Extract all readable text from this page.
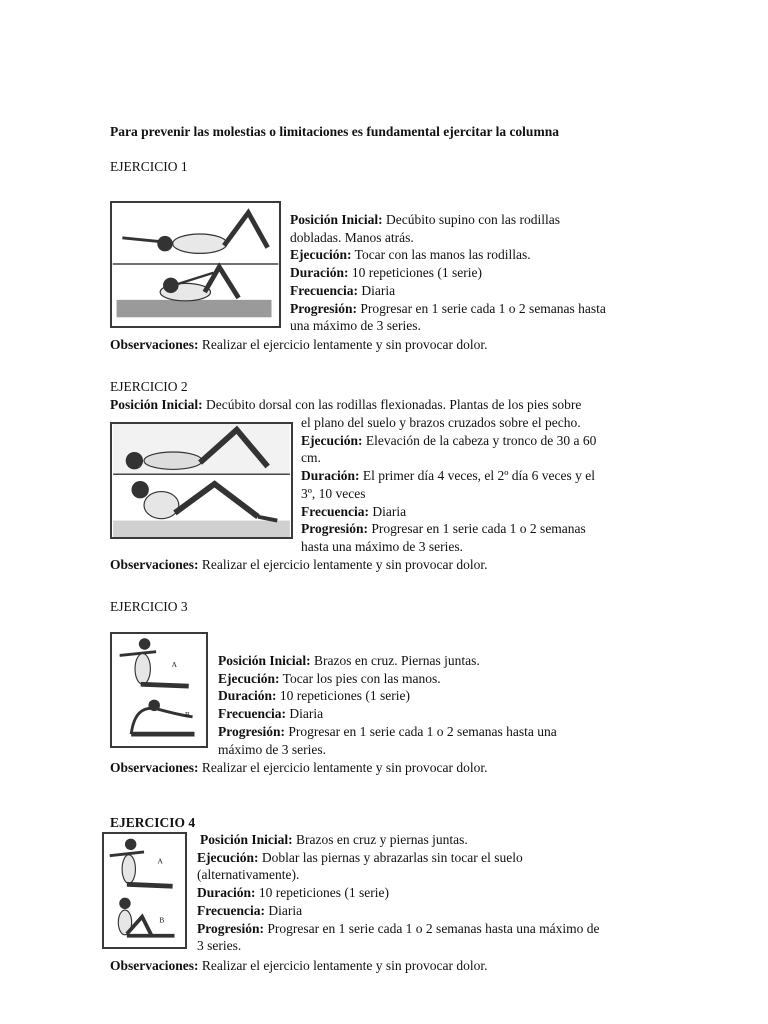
Para prevenir las molestias o limitaciones es fundamental ejercitar la columna
EJERCICIO 1
Posición Inicial: Decúbito supino con las rodillas
dobladas. Manos atrás.
Ejecución: Tocar con las manos las rodillas.
Duración: 10 repeticiones (1 serie)
Frecuencia: Diaria
Progresión: Progresar en 1 serie cada 1 o 2 semanas hasta
una máximo de 3 series.
Observaciones: Realizar el ejercicio lentamente y sin provocar dolor.
EJERCICIO 2
Posición Inicial: Decúbito dorsal con las rodillas flexionadas. Plantas de los pies sobre
el plano del suelo y brazos cruzados sobre el pecho.
Ejecución: Elevación de la cabeza y tronco de 30 a 60
cm.
Duración: El primer día 4 veces, el 2º día 6 veces y el
3º, 10 veces
Frecuencia: Diaria
Progresión: Progresar en 1 serie cada 1 o 2 semanas
hasta una máximo de 3 series.
Observaciones: Realizar el ejercicio lentamente y sin provocar dolor.
EJERCICIO 3
A
B
Posición Inicial: Brazos en cruz. Piernas juntas.
Ejecución: Tocar los pies con las manos.
Duración: 10 repeticiones (1 serie)
Frecuencia: Diaria
Progresión: Progresar en 1 serie cada 1 o 2 semanas hasta una
máximo de 3 series.
Observaciones: Realizar el ejercicio lentamente y sin provocar dolor.
EJERCICIO 4
A
B
Posición Inicial: Brazos en cruz y piernas juntas.
Ejecución: Doblar las piernas y abrazarlas sin tocar el suelo
(alternativamente).
Duración: 10 repeticiones (1 serie)
Frecuencia: Diaria
Progresión: Progresar en 1 serie cada 1 o 2 semanas hasta una máximo de
3 series.
Observaciones: Realizar el ejercicio lentamente y sin provocar dolor.
